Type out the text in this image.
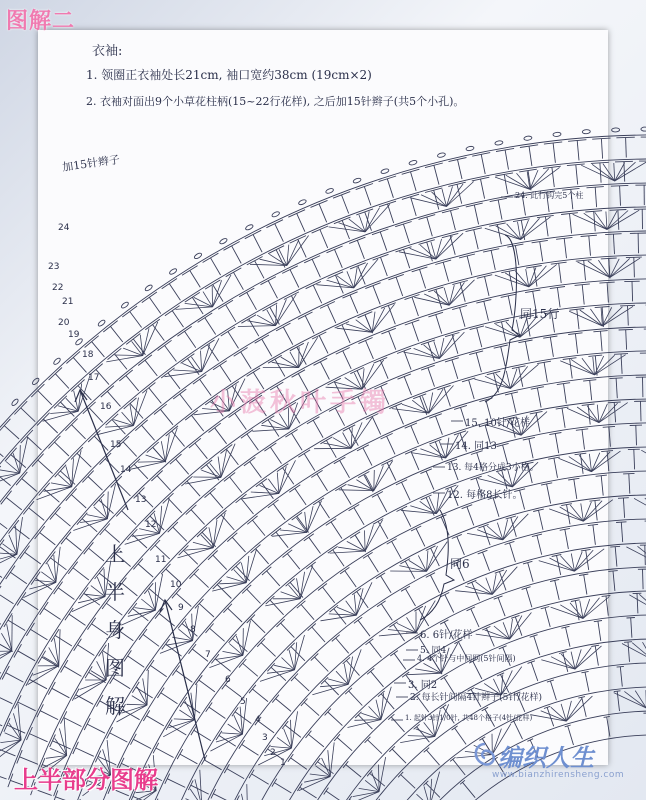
图解二
衣袖:
1. 领圈正衣袖处长21cm, 袖口宽约38cm (19cm×2)
2. 衣袖对面出9个小草花柱柄(15~22行花样), 之后加15针辫子(共5个小孔)。
加15针辫子
24
23
22
21
20
19
18
17
16
15
14
13
12
11
10
9
8
7
6
5
4
3
2
1
24. 此行钩完5个柱
同15行
15. 10针/花样
14. 同13
13. 每4格分成3小格。
12. 每格8长针。
同6
6. 6针/花样
5. 同4
4. 4个针与中间网(5针间隔)
3. 同2
2. 每长针间隔4针辫子(5针/花样)
1. 起针3针1/0针, 共48个格子(4针/花样)
小菠秋叶手镯
上
半
身
图
解
上半部分图解
编织人生
www.bianzhirensheng.com
